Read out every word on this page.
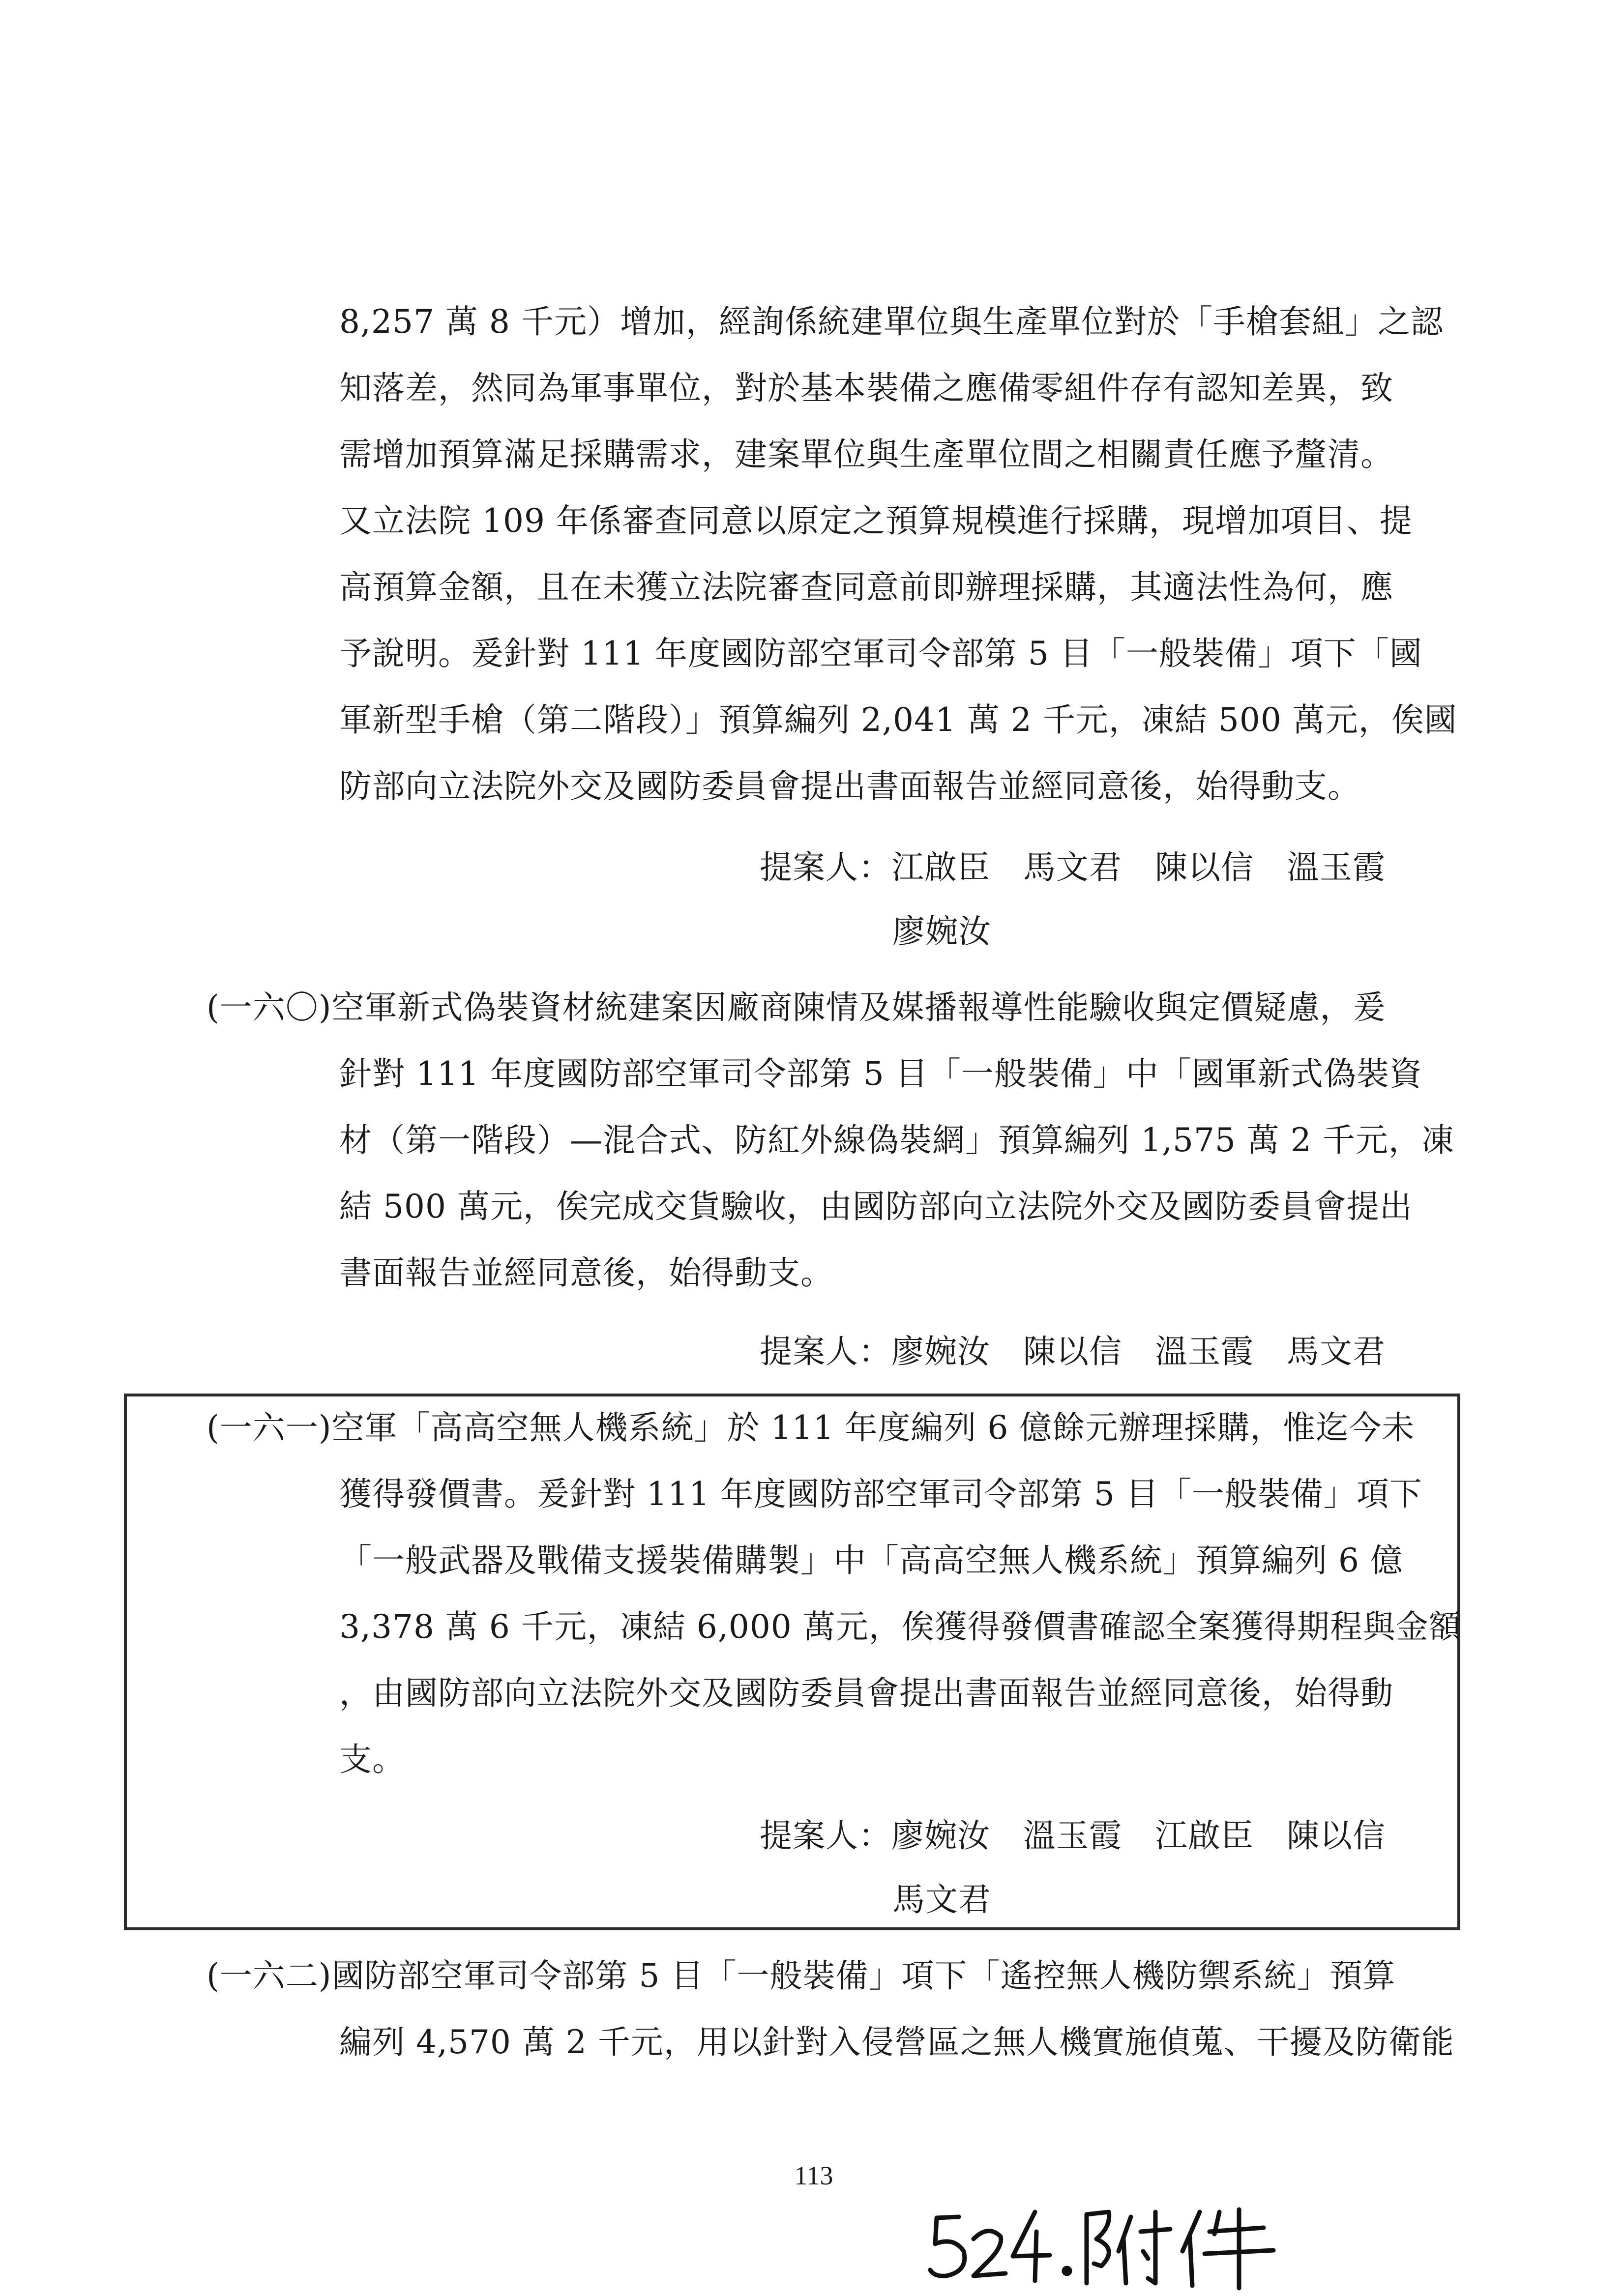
8,257 萬 8 千元）增加，經詢係統建單位與生產單位對於「手槍套組」之認
知落差，然同為軍事單位，對於基本裝備之應備零組件存有認知差異，致
需增加預算滿足採購需求，建案單位與生產單位間之相關責任應予釐清。
又立法院 109 年係審查同意以原定之預算規模進行採購，現增加項目、提
高預算金額，且在未獲立法院審查同意前即辦理採購，其適法性為何，應
予說明。爰針對 111 年度國防部空軍司令部第 5 目「一般裝備」項下「國
軍新型手槍（第二階段）」預算編列 2,041 萬 2 千元，凍結 500 萬元，俟國
防部向立法院外交及國防委員會提出書面報告並經同意後，始得動支。
提案人：江啟臣　馬文君　陳以信　溫玉霞
廖婉汝
(一六〇)空軍新式偽裝資材統建案因廠商陳情及媒播報導性能驗收與定價疑慮，爰
針對 111 年度國防部空軍司令部第 5 目「一般裝備」中「國軍新式偽裝資
材（第一階段）—混合式、防紅外線偽裝網」預算編列 1,575 萬 2 千元，凍
結 500 萬元，俟完成交貨驗收，由國防部向立法院外交及國防委員會提出
書面報告並經同意後，始得動支。
提案人：廖婉汝　陳以信　溫玉霞　馬文君
(一六一)空軍「高高空無人機系統」於 111 年度編列 6 億餘元辦理採購，惟迄今未
獲得發價書。爰針對 111 年度國防部空軍司令部第 5 目「一般裝備」項下
「一般武器及戰備支援裝備購製」中「高高空無人機系統」預算編列 6 億
3,378 萬 6 千元，凍結 6,000 萬元，俟獲得發價書確認全案獲得期程與金額
，由國防部向立法院外交及國防委員會提出書面報告並經同意後，始得動
支。
提案人：廖婉汝　溫玉霞　江啟臣　陳以信
馬文君
(一六二)國防部空軍司令部第 5 目「一般裝備」項下「遙控無人機防禦系統」預算
編列 4,570 萬 2 千元，用以針對入侵營區之無人機實施偵蒐、干擾及防衛能
113
